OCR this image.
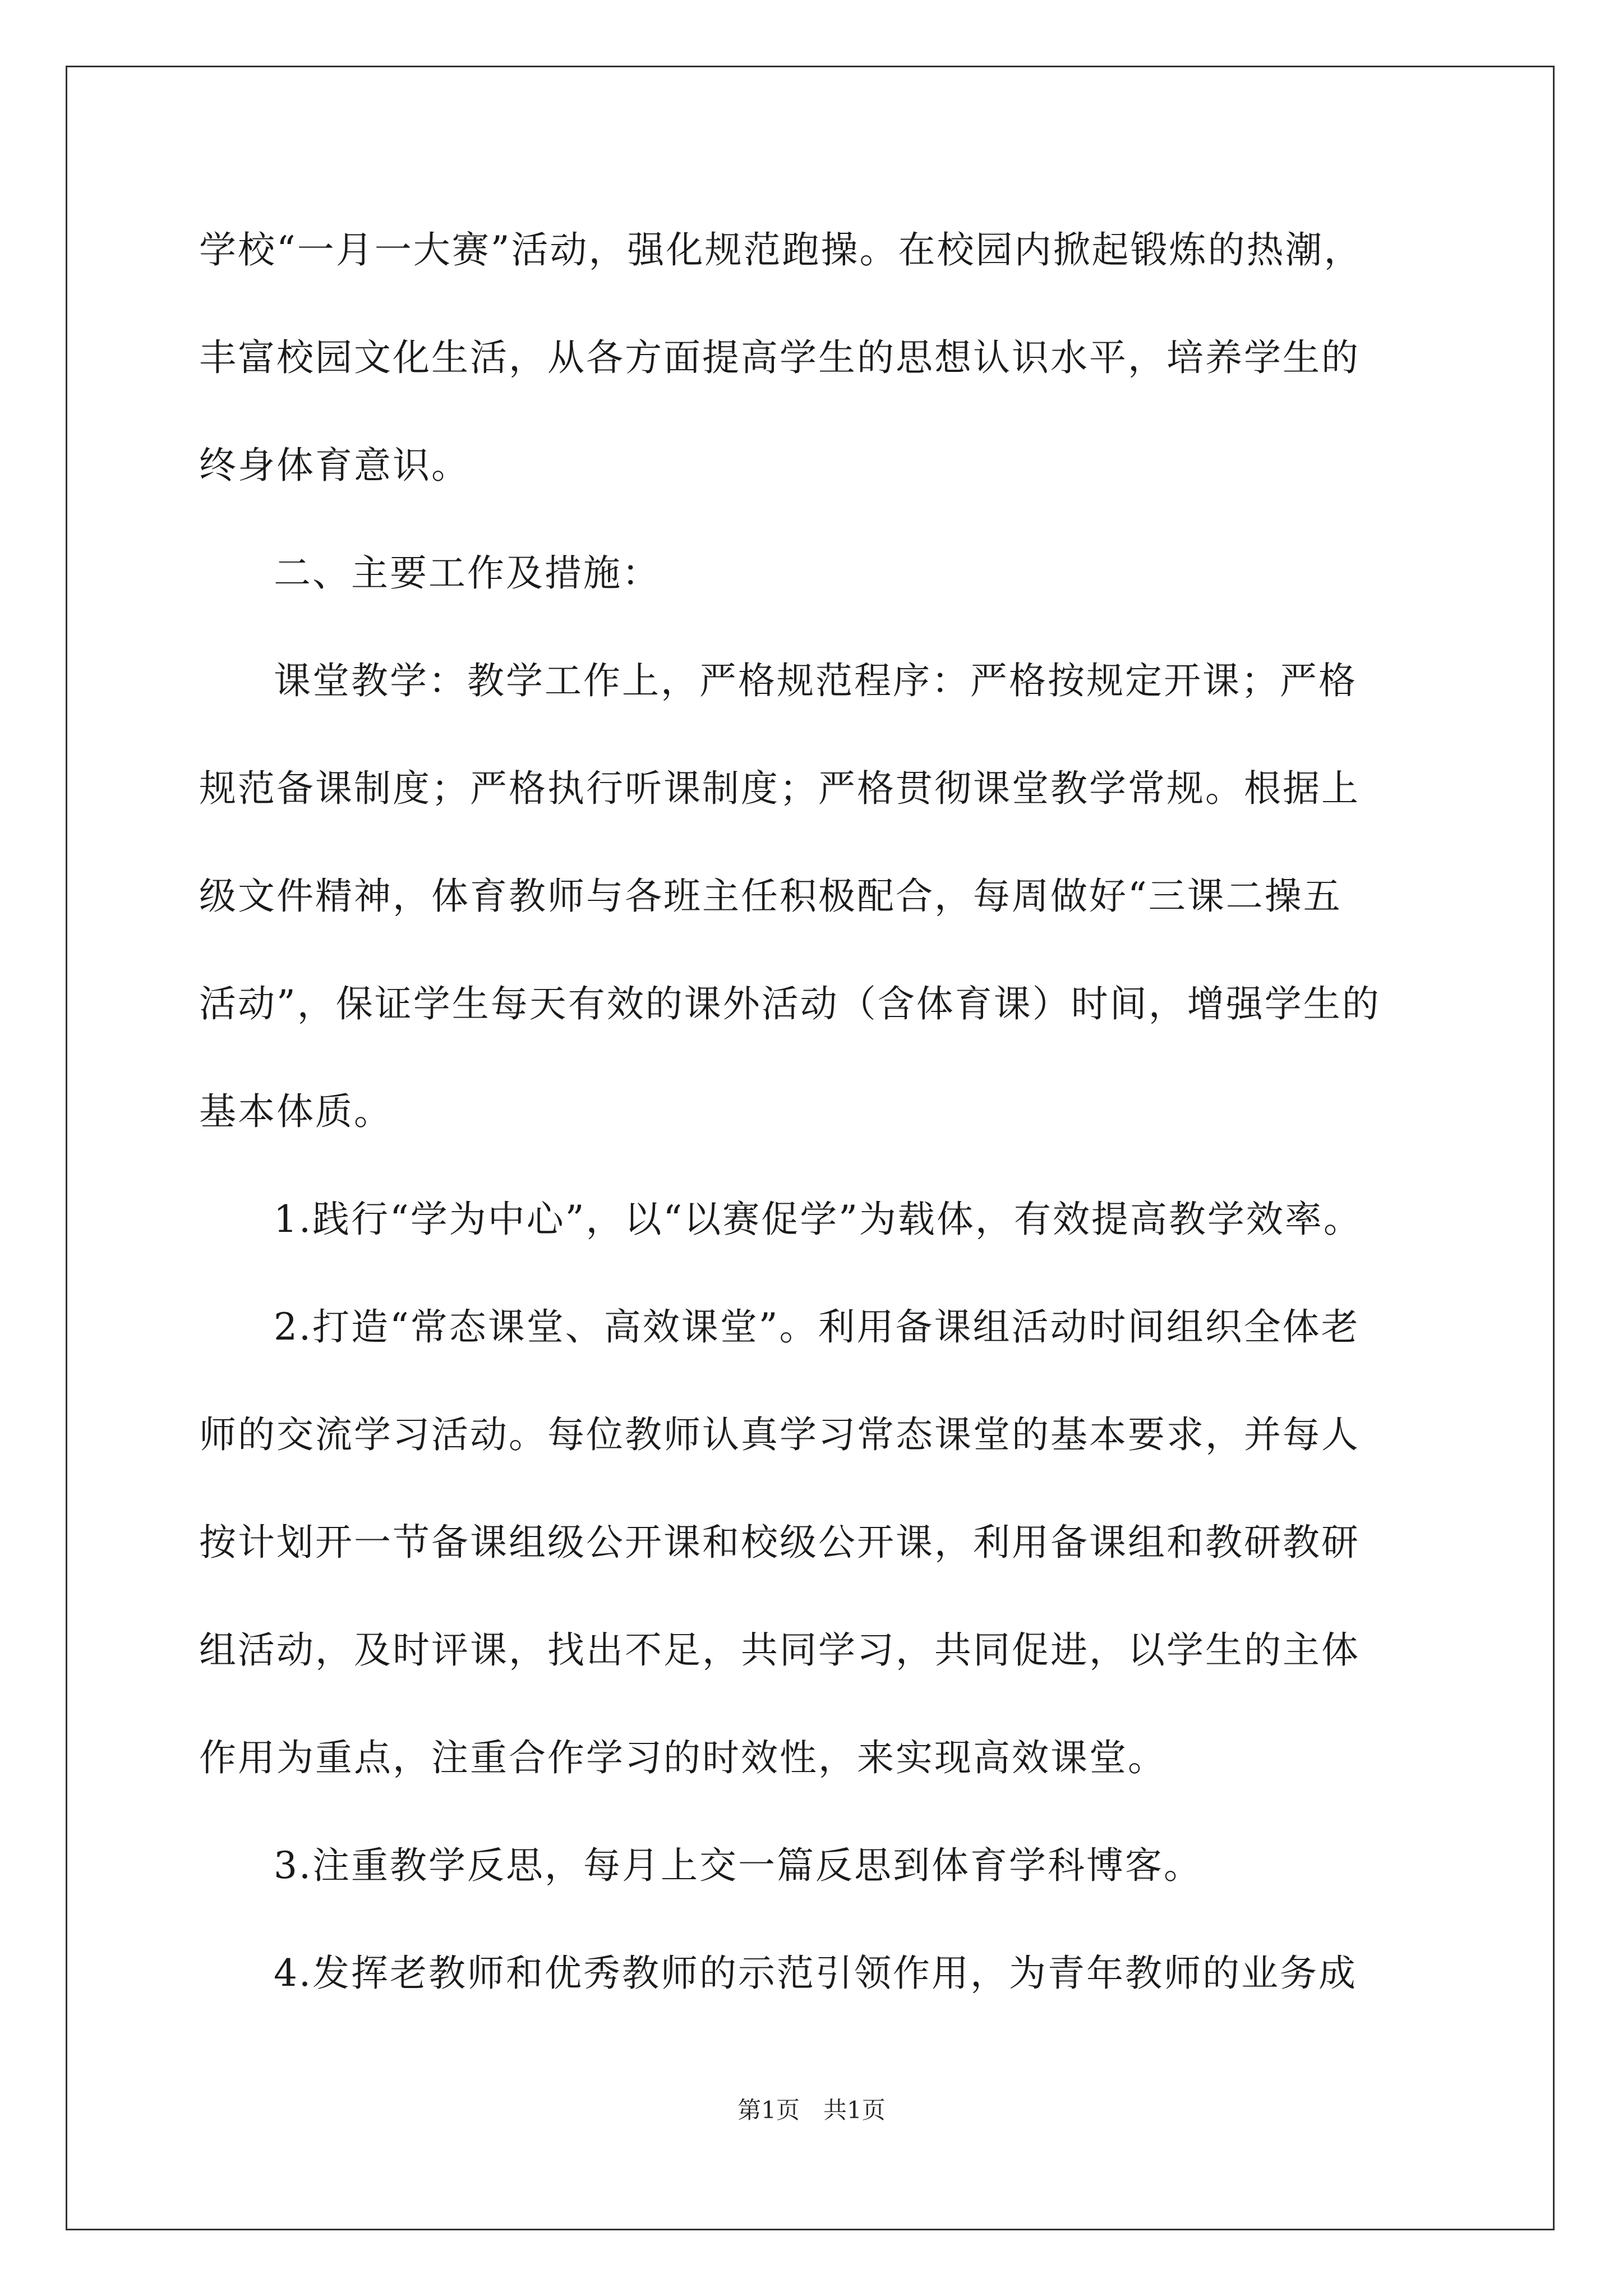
学校“一月一大赛”活动，强化规范跑操。在校园内掀起锻炼的热潮，
丰富校园文化生活，从各方面提高学生的思想认识水平，培养学生的
终身体育意识。
二、主要工作及措施：
课堂教学：教学工作上，严格规范程序：严格按规定开课；严格
规范备课制度；严格执行听课制度；严格贯彻课堂教学常规。根据上
级文件精神，体育教师与各班主任积极配合，每周做好“三课二操五
活动”，保证学生每天有效的课外活动（含体育课）时间，增强学生的
基本体质。
1.践行“学为中心”，以“以赛促学”为载体，有效提高教学效率。
2.打造“常态课堂、高效课堂”。利用备课组活动时间组织全体老
师的交流学习活动。每位教师认真学习常态课堂的基本要求，并每人
按计划开一节备课组级公开课和校级公开课，利用备课组和教研教研
组活动，及时评课，找出不足，共同学习，共同促进，以学生的主体
作用为重点，注重合作学习的时效性，来实现高效课堂。
3.注重教学反思，每月上交一篇反思到体育学科博客。
4.发挥老教师和优秀教师的示范引领作用，为青年教师的业务成
第1页　共1页
